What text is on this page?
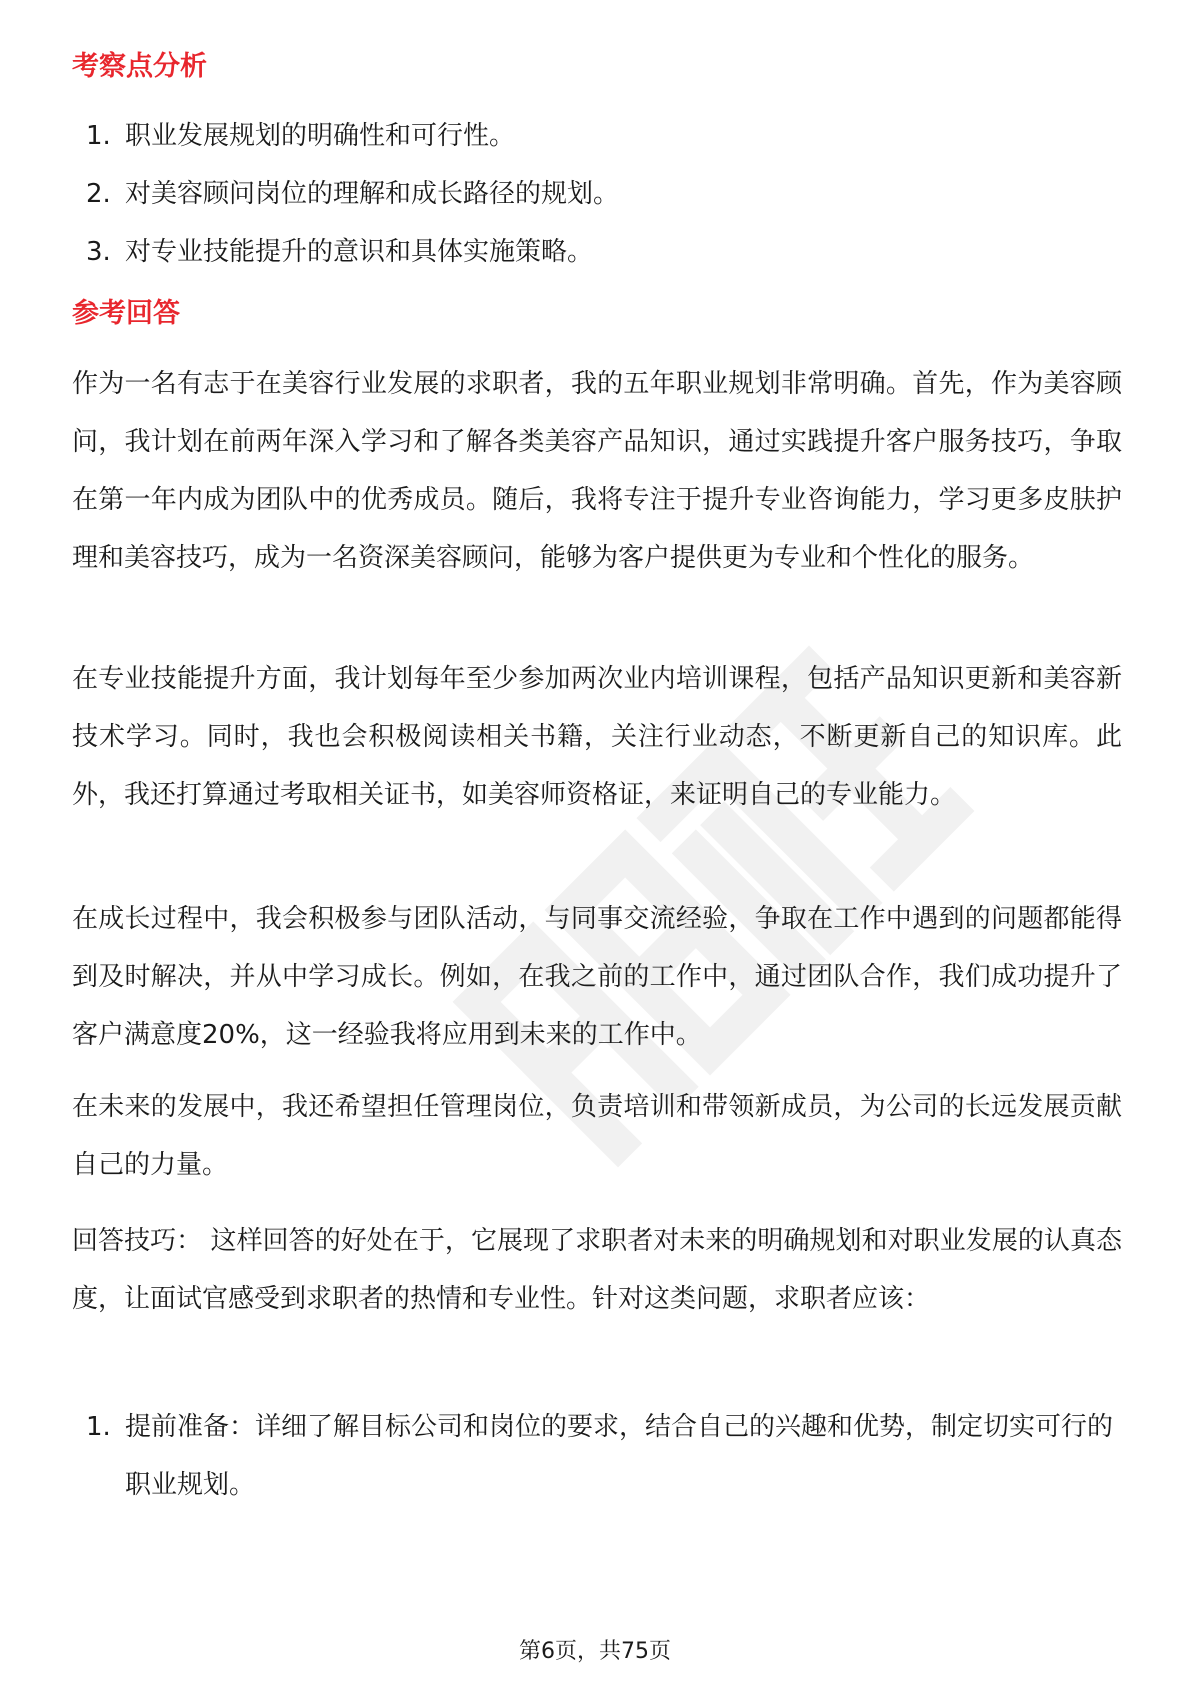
考察点分析
1. 职业发展规划的明确性和可行性。
2. 对美容顾问岗位的理解和成长路径的规划。
3. 对专业技能提升的意识和具体实施策略。
参考回答

作为一名有志于在美容行业发展的求职者，我的五年职业规划非常明确。首先，作为美容顾问，我计划在前两年深入学习和了解各类美容产品知识，通过实践提升客户服务技巧，争取在第一年内成为团队中的优秀成员。随后，我将专注于提升专业咨询能力，学习更多皮肤护理和美容技巧，成为一名资深美容顾问，能够为客户提供更为专业和个性化的服务。

在专业技能提升方面，我计划每年至少参加两次业内培训课程，包括产品知识更新和美容新技术学习。同时，我也会积极阅读相关书籍，关注行业动态，不断更新自己的知识库。此外，我还打算通过考取相关证书，如美容师资格证，来证明自己的专业能力。

在成长过程中，我会积极参与团队活动，与同事交流经验，争取在工作中遇到的问题都能得到及时解决，并从中学习成长。例如，在我之前的工作中，通过团队合作，我们成功提升了客户满意度20%，这一经验我将应用到未来的工作中。

在未来的发展中，我还希望担任管理岗位，负责培训和带领新成员，为公司的长远发展贡献自己的力量。

回答技巧： 这样回答的好处在于，它展现了求职者对未来的明确规划和对职业发展的认真态度，让面试官感受到求职者的热情和专业性。针对这类问题，求职者应该：

1. 提前准备：详细了解目标公司和岗位的要求，结合自己的兴趣和优势，制定切实可行的职业规划。
第6页，共75页
